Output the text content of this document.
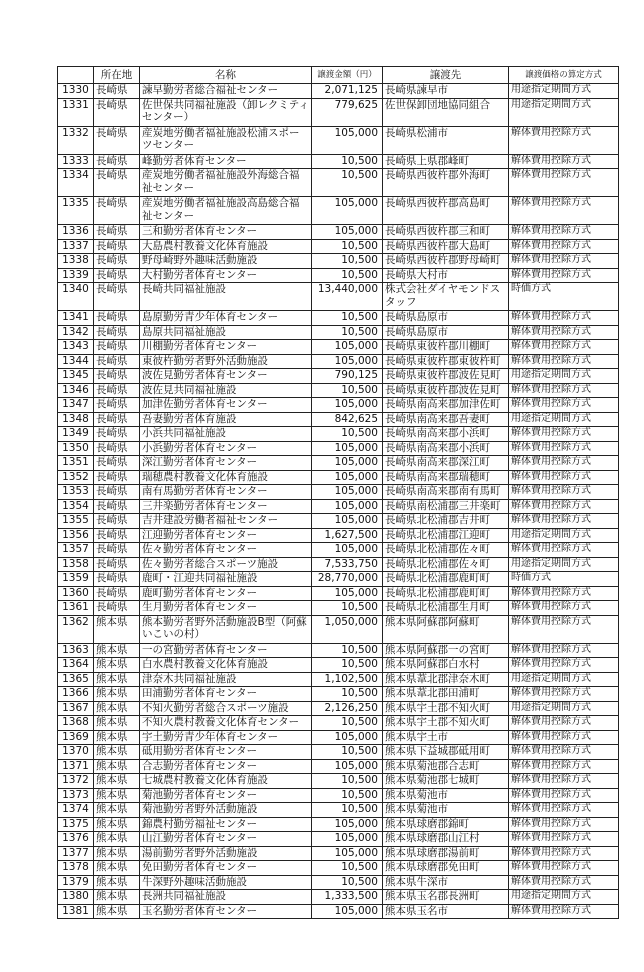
	所在地	名称	譲渡金額（円）	譲渡先	譲渡価格の算定方式
1330	長崎県	諫早勤労者総合福祉センター	2,071,125	長崎県諫早市	用途指定期間方式
1331	長崎県	佐世保共同福祉施設（卸レクミティセンター）	779,625	佐世保卸団地協同組合	用途指定期間方式
1332	長崎県	産炭地労働者福祉施設松浦スポーツセンター	105,000	長崎県松浦市	解体費用控除方式
1333	長崎県	峰勤労者体育センター	10,500	長崎県上県郡峰町	解体費用控除方式
1334	長崎県	産炭地労働者福祉施設外海総合福祉センター	10,500	長崎県西彼杵郡外海町	解体費用控除方式
1335	長崎県	産炭地労働者福祉施設高島総合福祉センター	105,000	長崎県西彼杵郡高島町	解体費用控除方式
1336	長崎県	三和勤労者体育センター	105,000	長崎県西彼杵郡三和町	解体費用控除方式
1337	長崎県	大島農村教養文化体育施設	10,500	長崎県西彼杵郡大島町	解体費用控除方式
1338	長崎県	野母崎野外趣味活動施設	10,500	長崎県西彼杵郡野母崎町	解体費用控除方式
1339	長崎県	大村勤労者体育センター	10,500	長崎県大村市	解体費用控除方式
1340	長崎県	長崎共同福祉施設	13,440,000	株式会社ダイヤモンドスタッフ	時価方式
1341	長崎県	島原勤労青少年体育センター	10,500	長崎県島原市	解体費用控除方式
1342	長崎県	島原共同福祉施設	10,500	長崎県島原市	解体費用控除方式
1343	長崎県	川棚勤労者体育センター	105,000	長崎県東彼杵郡川棚町	解体費用控除方式
1344	長崎県	東彼杵勤労者野外活動施設	105,000	長崎県東彼杵郡東彼杵町	解体費用控除方式
1345	長崎県	波佐見勤労者体育センター	790,125	長崎県東彼杵郡波佐見町	用途指定期間方式
1346	長崎県	波佐見共同福祉施設	10,500	長崎県東彼杵郡波佐見町	解体費用控除方式
1347	長崎県	加津佐勤労者体育センター	105,000	長崎県南高来郡加津佐町	解体費用控除方式
1348	長崎県	吾妻勤労者体育施設	842,625	長崎県南高来郡吾妻町	用途指定期間方式
1349	長崎県	小浜共同福祉施設	10,500	長崎県南高来郡小浜町	解体費用控除方式
1350	長崎県	小浜勤労者体育センター	105,000	長崎県南高来郡小浜町	解体費用控除方式
1351	長崎県	深江勤労者体育センター	105,000	長崎県南高来郡深江町	解体費用控除方式
1352	長崎県	瑞穂農村教養文化体育施設	105,000	長崎県南高来郡瑞穂町	解体費用控除方式
1353	長崎県	南有馬勤労者体育センター	105,000	長崎県南高来郡南有馬町	解体費用控除方式
1354	長崎県	三井楽勤労者体育センター	105,000	長崎県南松浦郡三井楽町	解体費用控除方式
1355	長崎県	吉井建設労働者福祉センター	105,000	長崎県北松浦郡吉井町	解体費用控除方式
1356	長崎県	江迎勤労者体育センター	1,627,500	長崎県北松浦郡江迎町	用途指定期間方式
1357	長崎県	佐々勤労者体育センター	105,000	長崎県北松浦郡佐々町	解体費用控除方式
1358	長崎県	佐々勤労者総合スポーツ施設	7,533,750	長崎県北松浦郡佐々町	用途指定期間方式
1359	長崎県	鹿町・江迎共同福祉施設	28,770,000	長崎県北松浦郡鹿町町	時価方式
1360	長崎県	鹿町勤労者体育センター	105,000	長崎県北松浦郡鹿町町	解体費用控除方式
1361	長崎県	生月勤労者体育センター	10,500	長崎県北松浦郡生月町	解体費用控除方式
1362	熊本県	熊本勤労者野外活動施設B型（阿蘇いこいの村）	1,050,000	熊本県阿蘇郡阿蘇町	解体費用控除方式
1363	熊本県	一の宮勤労者体育センター	10,500	熊本県阿蘇郡一の宮町	解体費用控除方式
1364	熊本県	白水農村教養文化体育施設	10,500	熊本県阿蘇郡白水村	解体費用控除方式
1365	熊本県	津奈木共同福祉施設	1,102,500	熊本県葦北郡津奈木町	用途指定期間方式
1366	熊本県	田浦勤労者体育センター	10,500	熊本県葦北郡田浦町	解体費用控除方式
1367	熊本県	不知火勤労者総合スポーツ施設	2,126,250	熊本県宇土郡不知火町	用途指定期間方式
1368	熊本県	不知火農村教養文化体育センター	10,500	熊本県宇土郡不知火町	解体費用控除方式
1369	熊本県	宇土勤労青少年体育センター	105,000	熊本県宇土市	解体費用控除方式
1370	熊本県	砥用勤労者体育センター	10,500	熊本県下益城郡砥用町	解体費用控除方式
1371	熊本県	合志勤労者体育センター	105,000	熊本県菊池郡合志町	解体費用控除方式
1372	熊本県	七城農村教養文化体育施設	10,500	熊本県菊池郡七城町	解体費用控除方式
1373	熊本県	菊池勤労者体育センター	10,500	熊本県菊池市	解体費用控除方式
1374	熊本県	菊池勤労者野外活動施設	10,500	熊本県菊池市	解体費用控除方式
1375	熊本県	錦農村勤労福祉センター	105,000	熊本県球磨郡錦町	解体費用控除方式
1376	熊本県	山江勤労者体育センター	105,000	熊本県球磨郡山江村	解体費用控除方式
1377	熊本県	湯前勤労者野外活動施設	105,000	熊本県球磨郡湯前町	解体費用控除方式
1378	熊本県	免田勤労者体育センター	10,500	熊本県球磨郡免田町	解体費用控除方式
1379	熊本県	牛深野外趣味活動施設	10,500	熊本県牛深市	解体費用控除方式
1380	熊本県	長洲共同福祉施設	1,333,500	熊本県玉名郡長洲町	用途指定期間方式
1381	熊本県	玉名勤労者体育センター	105,000	熊本県玉名市	解体費用控除方式
